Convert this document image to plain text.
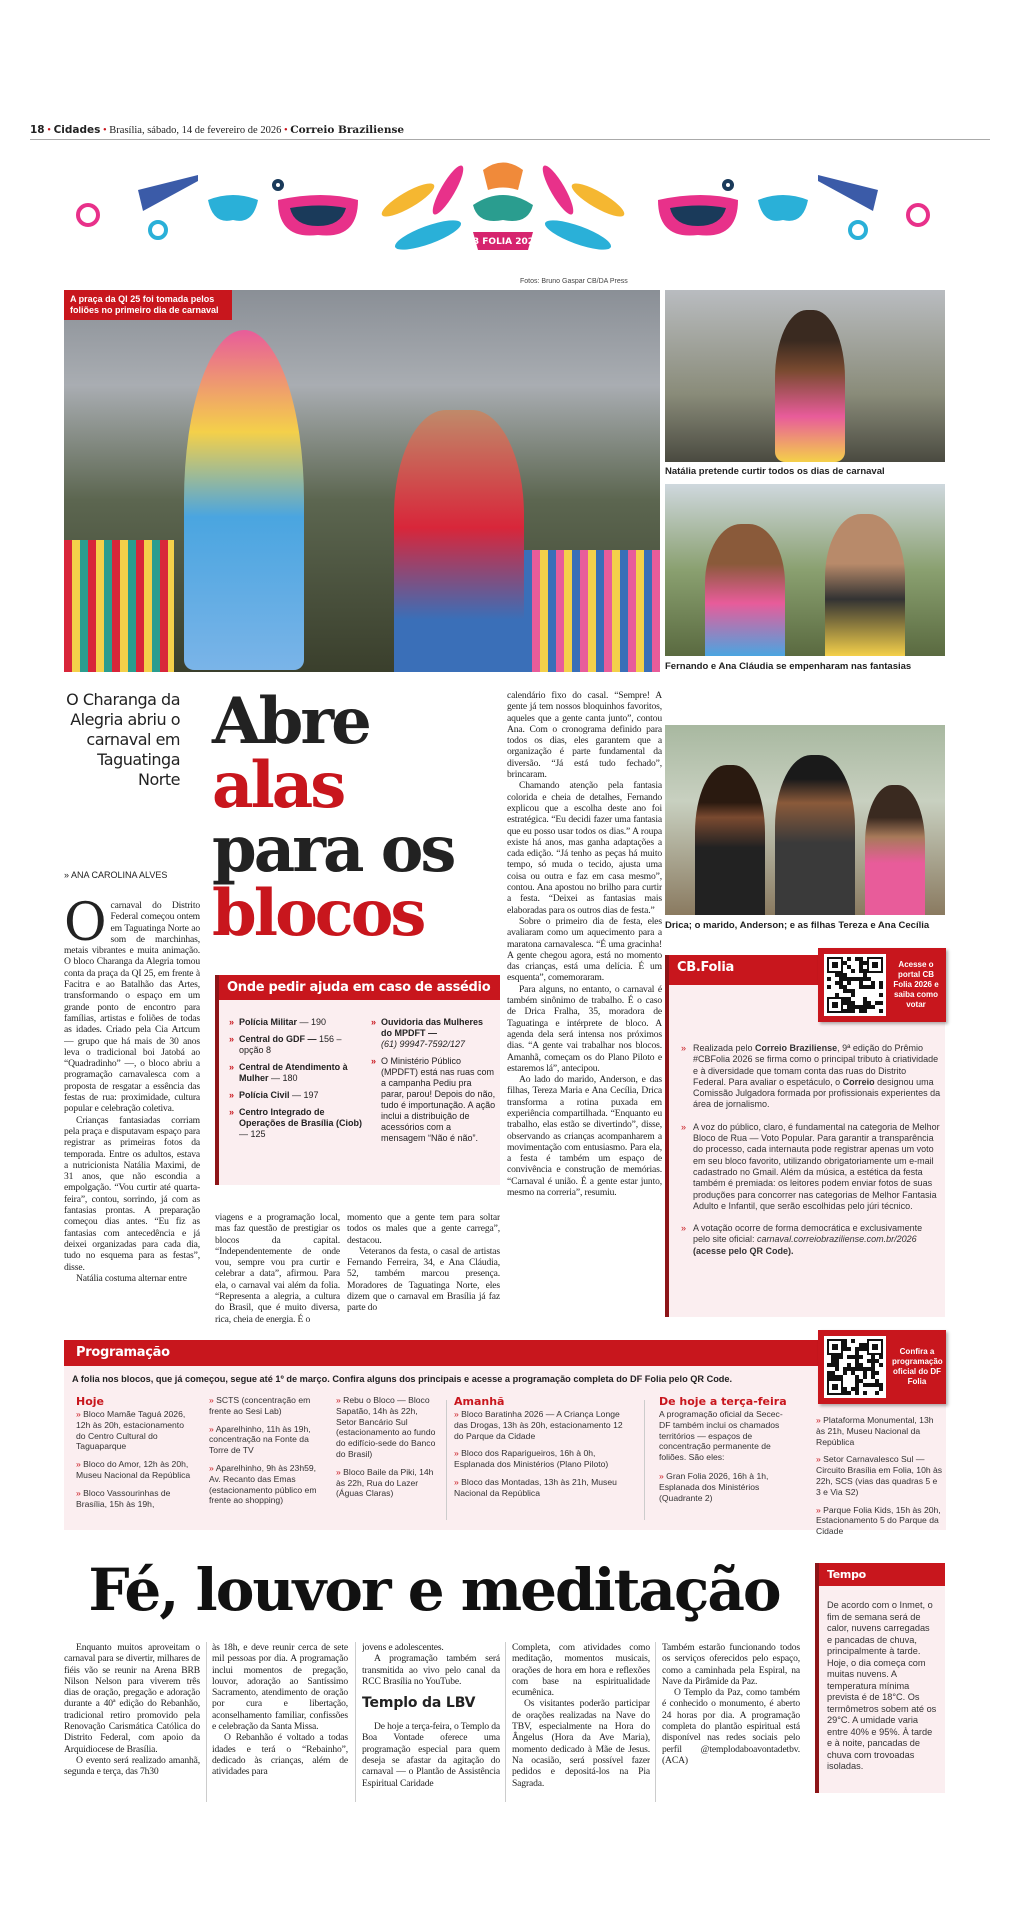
18 • Cidades • Brasília, sábado, 14 de fevereiro de 2026 • Correio Braziliense
CB FOLIA 2026
Fotos: Bruno Gaspar CB/DA Press
A praça da QI 25 foi tomada pelos foliões no primeiro dia de carnaval
Natália pretende curtir todos os dias de carnaval
Fernando e Ana Cláudia se empenharam nas fantasias
O Charanga da Alegria abriu o carnaval em Taguatinga Norte
Abre
alas
para os
blocos
» ANA CAROLINA ALVES
Ocarnaval do Distrito Federal começou ontem em Taguatinga Norte ao som de marchinhas, metais vibrantes e muita animação. O bloco Charanga da Alegria tomou conta da praça da QI 25, em frente à Facitra e ao Batalhão das Artes, transformando o espaço em um grande ponto de encontro para famílias, artistas e foliões de todas as idades. Criado pela Cia Artcum — grupo que há mais de 30 anos leva o tradicional boi Jatobá ao “Quadradinho” —, o bloco abriu a programação carnavalesca com a proposta de resgatar a essência das festas de rua: proximidade, cultura popular e celebração coletiva.

Crianças fantasiadas corriam pela praça e disputavam espaço para registrar as primeiras fotos da temporada. Entre os adultos, estava a nutricionista Natália Maximi, de 31 anos, que não escondia a empolgação. “Vou curtir até quarta-feira”, contou, sorrindo, já com as fantasias prontas. A preparação começou dias antes. “Eu fiz as fantasias com antecedência e já deixei organizadas para cada dia, tudo no esquema para as festas”, disse.

Natália costuma alternar entre

viagens e a programação local, mas faz questão de prestigiar os blocos da capital. “Independentemente de onde vou, sempre vou pra curtir e celebrar a data”, afirmou. Para ela, o carnaval vai além da folia. “Representa a alegria, a cultura do Brasil, que é muito diversa, rica, cheia de energia. É o

momento que a gente tem para soltar todos os males que a gente carrega”, destacou.

Veteranos da festa, o casal de artistas Fernando Ferreira, 34, e Ana Cláudia, 52, também marcou presença. Moradores de Taguatinga Norte, eles dizem que o carnaval em Brasília já faz parte do

calendário fixo do casal. “Sempre! A gente já tem nossos bloquinhos favoritos, aqueles que a gente canta junto”, contou Ana. Com o cronograma definido para todos os dias, eles garantem que a organização é parte fundamental da diversão. “Já está tudo fechado”, brincaram.

Chamando atenção pela fantasia colorida e cheia de detalhes, Fernando explicou que a escolha deste ano foi estratégica. “Eu decidi fazer uma fantasia que eu posso usar todos os dias.” A roupa existe há anos, mas ganha adaptações a cada edição. “Já tenho as peças há muito tempo, só muda o tecido, ajusta uma coisa ou outra e faz em casa mesmo”, contou. Ana apostou no brilho para curtir a festa. “Deixei as fantasias mais elaboradas para os outros dias de festa.”

Sobre o primeiro dia de festa, eles avaliaram como um aquecimento para a maratona carnavalesca. “É uma gracinha! A gente chegou agora, está no momento das crianças, está uma delícia. É um esquenta”, comemoraram.

Para alguns, no entanto, o carnaval é também sinônimo de trabalho. É o caso de Drica Fralha, 35, moradora de Taguatinga e intérprete de bloco. A agenda dela será intensa nos próximos dias. “A gente vai trabalhar nos blocos. Amanhã, começam os do Plano Piloto e estaremos lá”, antecipou.

Ao lado do marido, Anderson, e das filhas, Tereza Maria e Ana Cecília, Drica transforma a rotina puxada em experiência compartilhada. “Enquanto eu trabalho, elas estão se divertindo”, disse, observando as crianças acompanharem a movimentação com entusiasmo. Para ela, a festa é também um espaço de convivência e construção de memórias. “Carnaval é união. É a gente estar junto, mesmo na correria”, resumiu.

Onde pedir ajuda em caso de assédio
» Polícia Militar — 190
» Central do GDF — 156 – opção 8
» Central de Atendimento à Mulher — 180
» Polícia Civil — 197
» Centro Integrado de Operações de Brasília (Ciob) — 125
» Ouvidoria das Mulheres do MPDFT —
(61) 99947-7592/127
» O Ministério Público (MPDFT) está nas ruas com a campanha Pediu pra parar, parou! Depois do não, tudo é importunação. A ação inclui a distribuição de acessórios com a mensagem “Não é não”.
Drica; o marido, Anderson; e as filhas Tereza e Ana Cecília
CB.Folia
» Realizada pelo Correio Braziliense, 9ª edição do Prêmio #CBFolia 2026 se firma como o principal tributo à criatividade e à diversidade que tomam conta das ruas do Distrito Federal. Para avaliar o espetáculo, o Correio designou uma Comissão Julgadora formada por profissionais experientes da área de jornalismo.
» A voz do público, claro, é fundamental na categoria de Melhor Bloco de Rua — Voto Popular. Para garantir a transparência do processo, cada internauta pode registrar apenas um voto em seu bloco favorito, utilizando obrigatoriamente um e-mail cadastrado no Gmail. Além da música, a estética da festa também é premiada: os leitores podem enviar fotos de suas produções para concorrer nas categorias de Melhor Fantasia Adulto e Infantil, que serão escolhidas pelo júri técnico.
» A votação ocorre de forma democrática e exclusivamente pelo site oficial: carnaval.correiobraziliense.com.br/2026 (acesse pelo QR Code).
Acesse o portal CB Folia 2026 e saiba como votar
Programação
A folia nos blocos, que já começou, segue até 1º de março. Confira alguns dos principais e acesse a programação completa do DF Folia pelo QR Code.
Hoje
» Bloco Mamãe Taguá 2026, 12h às 20h, estacionamento do Centro Cultural do Taguaparque
» Bloco do Amor, 12h às 20h, Museu Nacional da República
» Bloco Vassourinhas de Brasília, 15h às 19h,
» SCTS (concentração em frente ao Sesi Lab)
» Aparelhinho, 11h às 19h, concentração na Fonte da Torre de TV
» Aparelhinho, 9h às 23h59, Av. Recanto das Emas (estacionamento público em frente ao shopping)
» Rebu o Bloco — Bloco Sapatão, 14h às 22h, Setor Bancário Sul (estacionamento ao fundo do edifício-sede do Banco do Brasil)
» Bloco Baile da Piki, 14h às 22h, Rua do Lazer (Águas Claras)
Amanhã
» Bloco Baratinha 2026 — A Criança Longe das Drogas, 13h às 20h, estacionamento 12 do Parque da Cidade
» Bloco dos Raparigueiros, 16h à 0h, Esplanada dos Ministérios (Plano Piloto)
» Bloco das Montadas, 13h às 21h, Museu Nacional da República
De hoje a terça-feira
A programação oficial da Secec-DF também inclui os chamados territórios — espaços de concentração permanente de foliões. São eles:
» Gran Folia 2026, 16h à 1h, Esplanada dos Ministérios (Quadrante 2)
» Plataforma Monumental, 13h às 21h, Museu Nacional da República
» Setor Carnavalesco Sul — Circuito Brasília em Folia, 10h às 22h, SCS (vias das quadras 5 e 3 e Via S2)
» Parque Folia Kids, 15h às 20h, Estacionamento 5 do Parque da Cidade
Confira a programação oficial do DF Folia
Fé, louvor e meditação

Enquanto muitos aproveitam o carnaval para se divertir, milhares de fiéis vão se reunir na Arena BRB Nilson Nelson para viverem três dias de oração, pregação e adoração durante a 40ª edição do Rebanhão, tradicional retiro promovido pela Renovação Carismática Católica do Distrito Federal, com apoio da Arquidiocese de Brasília.

O evento será realizado amanhã, segunda e terça, das 7h30

às 18h, e deve reunir cerca de sete mil pessoas por dia. A programação inclui momentos de pregação, louvor, adoração ao Santíssimo Sacramento, atendimento de oração por cura e libertação, aconselhamento familiar, confissões e celebração da Santa Missa.

O Rebanhão é voltado a todas idades e terá o “Rebainho”, dedicado às crianças, além de atividades para

jovens e adolescentes.

A programação também será transmitida ao vivo pelo canal da RCC Brasília no YouTube.

Templo da LBV

De hoje a terça-feira, o Templo da Boa Vontade oferece uma programação especial para quem deseja se afastar da agitação do carnaval — o Plantão de Assistência Espiritual Caridade

Completa, com atividades como meditação, momentos musicais, orações de hora em hora e reflexões com base na espiritualidade ecumênica.

Os visitantes poderão participar de orações realizadas na Nave do TBV, especialmente na Hora do Ângelus (Hora da Ave Maria), momento dedicado à Mãe de Jesus. Na ocasião, será possível fazer pedidos e depositá-los na Pia Sagrada.

Também estarão funcionando todos os serviços oferecidos pelo espaço, como a caminhada pela Espiral, na Nave da Pirâmide da Paz.

O Templo da Paz, como também é conhecido o monumento, é aberto 24 horas por dia. A programação completa do plantão espiritual está disponível nas redes sociais pelo perfil @templodaboavontadetbv. (ACA)

Tempo
De acordo com o Inmet, o fim de semana será de calor, nuvens carregadas e pancadas de chuva, principalmente à tarde. Hoje, o dia começa com muitas nuvens. A temperatura mínima prevista é de 18°C. Os termômetros sobem até os 29°C. A umidade varia entre 40% e 95%. À tarde e à noite, pancadas de chuva com trovoadas isoladas.
